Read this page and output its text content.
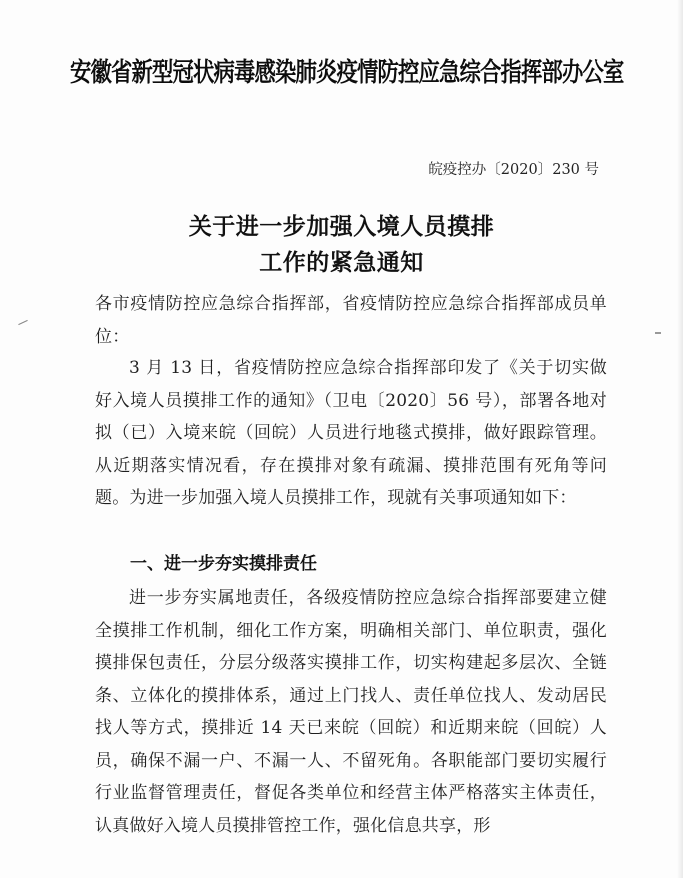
安徽省新型冠状病毒感染肺炎疫情防控应急综合指挥部办公室
皖疫控办〔2020〕230 号
关于进一步加强入境人员摸排
工作的紧急通知
各市疫情防控应急综合指挥部，省疫情防控应急综合指挥部成员单位：
3 月 13 日，省疫情防控应急综合指挥部印发了《关于切实做好入境人员摸排工作的通知》（卫电〔2020〕56 号），部署各地对拟（已）入境来皖（回皖）人员进行地毯式摸排，做好跟踪管理。从近期落实情况看，存在摸排对象有疏漏、摸排范围有死角等问题。为进一步加强入境人员摸排工作，现就有关事项通知如下：
一、进一步夯实摸排责任
进一步夯实属地责任，各级疫情防控应急综合指挥部要建立健全摸排工作机制，细化工作方案，明确相关部门、单位职责，强化摸排保包责任，分层分级落实摸排工作，切实构建起多层次、全链条、立体化的摸排体系，通过上门找人、责任单位找人、发动居民找人等方式，摸排近 14 天已来皖（回皖）和近期来皖（回皖）人员，确保不漏一户、不漏一人、不留死角。各职能部门要切实履行行业监督管理责任，督促各类单位和经营主体严格落实主体责任，认真做好入境人员摸排管控工作，强化信息共享，形
